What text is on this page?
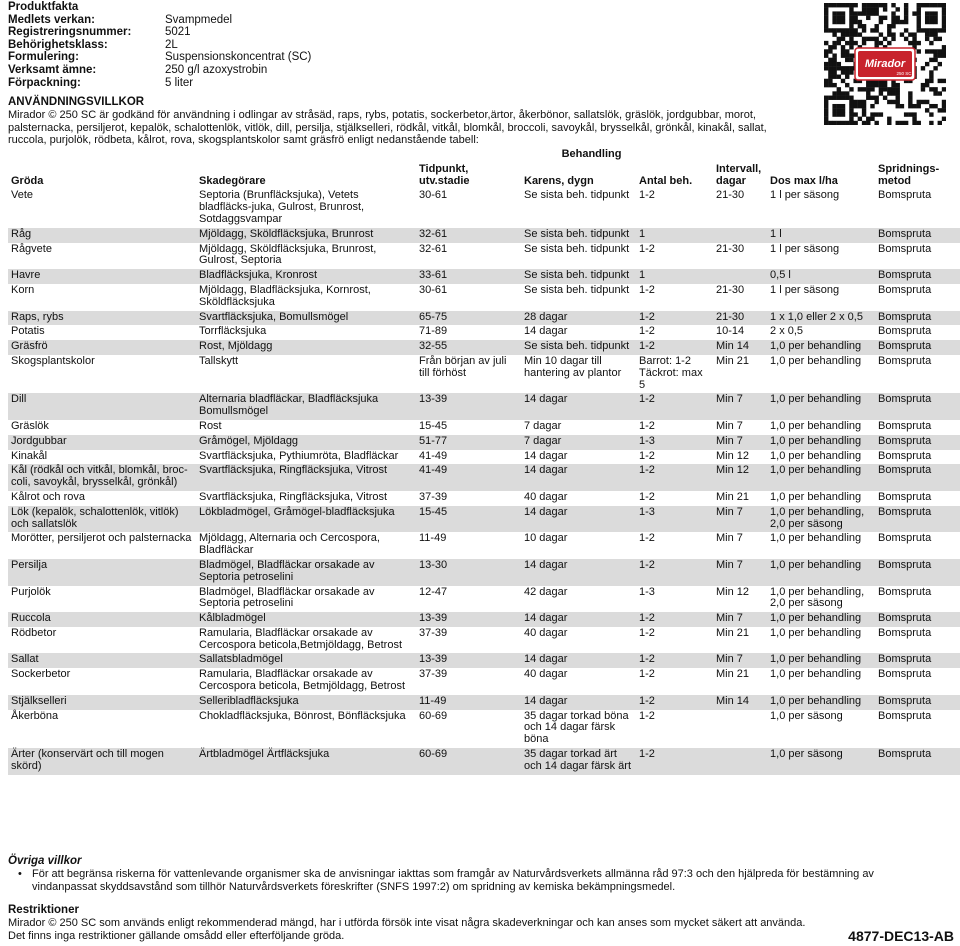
Produktfakta
Medlets verkan:	Svampmedel
Registreringsnummer:	5021
Behörighetsklass:	2L
Formulering:	Suspensionskoncentrat (SC)
Verksamt ämne:	250 g/l azoxystrobin
Förpackning:	5 liter
Mirador
250 SC
ANVÄNDNINGSVILLKOR
Mirador © 250 SC är godkänd för användning i odlingar av stråsäd, raps, rybs, potatis, sockerbetor,ärtor, åkerbönor, sallatslök, gräslök, jordgubbar, morot, palsternacka, persiljerot, kepalök, schalottenlök, vitlök, dill, persilja, stjälkselleri, rödkål, vitkål, blomkål, broccoli, savoykål, brysselkål, grönkål, kinakål, sallat, ruccola, purjolök, rödbeta, kålrot, rova, skogsplantskolor samt gräsfrö enligt nedanstående tabell:
Gröda	Skadegörare	Behandling				Dos max l/ha	Spridnings-metod
		Tidpunkt, utv.stadie	Karens, dygn	Antal beh.	Intervall, dagar		
Vete	Septoria (Brunfläcksjuka), Vetets bladfläcks-juka, Gulrost, Brunrost, Sotdaggsvampar	30-61	Se sista beh. tidpunkt	1-2	21-30	1 l per säsong	Bomspruta
Råg	Mjöldagg, Sköldfläcksjuka, Brunrost	32-61	Se sista beh. tidpunkt	1		1 l	Bomspruta
Rågvete	Mjöldagg, Sköldfläcksjuka, Brunrost, Gulrost, Septoria	32-61	Se sista beh. tidpunkt	1-2	21-30	1 l per säsong	Bomspruta
Havre	Bladfläcksjuka, Kronrost	33-61	Se sista beh. tidpunkt	1		0,5 l	Bomspruta
Korn	Mjöldagg, Bladfläcksjuka, Kornrost, Sköldfläcksjuka	30-61	Se sista beh. tidpunkt	1-2	21-30	1 l per säsong	Bomspruta
Raps, rybs	Svartfläcksjuka, Bomullsmögel	65-75	28 dagar	1-2	21-30	1 x 1,0 eller 2 x 0,5	Bomspruta
Potatis	Torrfläcksjuka	71-89	14 dagar	1-2	10-14	2 x 0,5	Bomspruta
Gräsfrö	Rost, Mjöldagg	32-55	Se sista beh. tidpunkt	1-2	Min 14	1,0 per behandling	Bomspruta
Skogsplantskolor	Tallskytt	Från början av juli till förhöst	Min 10 dagar till hantering av plantor	Barrot: 1-2 Täckrot: max 5	Min 21	1,0 per behandling	Bomspruta
Dill	Alternaria bladfläckar, Bladfläcksjuka Bomullsmögel	13-39	14 dagar	1-2	Min 7	1,0 per behandling	Bomspruta
Gräslök	Rost	15-45	7 dagar	1-2	Min 7	1,0 per behandling	Bomspruta
Jordgubbar	Gråmögel, Mjöldagg	51-77	7 dagar	1-3	Min 7	1,0 per behandling	Bomspruta
Kinakål	Svartfläcksjuka, Pythiumröta, Bladfläckar	41-49	14 dagar	1-2	Min 12	1,0 per behandling	Bomspruta
Kål (rödkål och vitkål, blomkål, broc-coli, savoykål, brysselkål, grönkål)	Svartfläcksjuka, Ringfläcksjuka, Vitrost	41-49	14 dagar	1-2	Min 12	1,0 per behandling	Bomspruta
Kålrot och rova	Svartfläcksjuka, Ringfläcksjuka, Vitrost	37-39	40 dagar	1-2	Min 21	1,0 per behandling	Bomspruta
Lök (kepalök, schalottenlök, vitlök) och sallatslök	Lökbladmögel, Gråmögel-bladfläcksjuka	15-45	14 dagar	1-3	Min 7	1,0 per behandling, 2,0 per säsong	Bomspruta
Morötter, persiljerot och palsternacka	Mjöldagg, Alternaria och Cercospora, Bladfläckar	11-49	10 dagar	1-2	Min 7	1,0 per behandling	Bomspruta
Persilja	Bladmögel, Bladfläckar orsakade av Septoria petroselini	13-30	14 dagar	1-2	Min 7	1,0 per behandling	Bomspruta
Purjolök	Bladmögel, Bladfläckar orsakade av Septoria petroselini	12-47	42 dagar	1-3	Min 12	1,0 per behandling, 2,0 per säsong	Bomspruta
Ruccola	Kålbladmögel	13-39	14 dagar	1-2	Min 7	1,0 per behandling	Bomspruta
Rödbetor	Ramularia, Bladfläckar orsakade av Cercospora beticola,Betmjöldagg, Betrost	37-39	40 dagar	1-2	Min 21	1,0 per behandling	Bomspruta
Sallat	Sallatsbladmögel	13-39	14 dagar	1-2	Min 7	1,0 per behandling	Bomspruta
Sockerbetor	Ramularia, Bladfläckar orsakade av Cercospora beticola, Betmjöldagg, Betrost	37-39	40 dagar	1-2	Min 21	1,0 per behandling	Bomspruta
Stjälkselleri	Selleribladfläcksjuka	11-49	14 dagar	1-2	Min 14	1,0 per behandling	Bomspruta
Åkerböna	Chokladfläcksjuka, Bönrost, Bönfläcksjuka	60-69	35 dagar torkad böna och 14 dagar färsk böna	1-2		1,0 per säsong	Bomspruta
Ärter (konservärt och till mogen skörd)	Ärtbladmögel Ärtfläcksjuka	60-69	35 dagar torkad ärt och 14 dagar färsk ärt	1-2		1,0 per säsong	Bomspruta
Övriga villkor
• För att begränsa riskerna för vattenlevande organismer ska de anvisningar iakttas som framgår av Naturvårdsverkets allmänna råd 97:3 och den hjälpreda för bestämning av vindanpassat skyddsavstånd som tillhör Naturvårdsverkets föreskrifter (SNFS 1997:2) om spridning av kemiska bekämpningsmedel.
Restriktioner
Mirador © 250 SC som används enligt rekommenderad mängd, har i utförda försök inte visat några skadeverkningar och kan anses som mycket säkert att använda.
Det finns inga restriktioner gällande omsådd eller efterföljande gröda.	4877-DEC13-AB
